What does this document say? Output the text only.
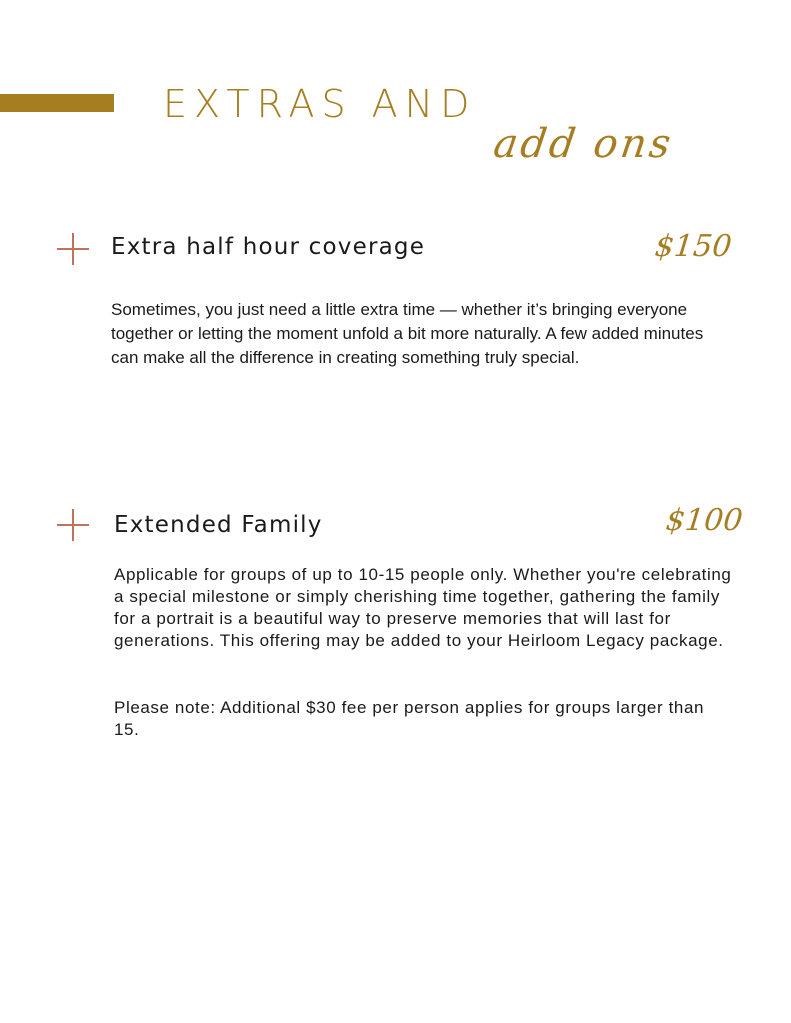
EXTRAS AND
add ons
Extra half hour coverage	$150

Sometimes, you just need a little extra time — whether it’s bringing everyone together or letting the moment unfold a bit more naturally. A few added minutes can make all the difference in creating something truly special.

Extended Family	$100

Applicable for groups of up to 10-15 people only. Whether you're celebrating a special milestone or simply cherishing time together, gathering the family for a portrait is a beautiful way to preserve memories that will last for generations. This offering may be added to your Heirloom Legacy package.

Please note: Additional $30 fee per person applies for groups larger than 15.
